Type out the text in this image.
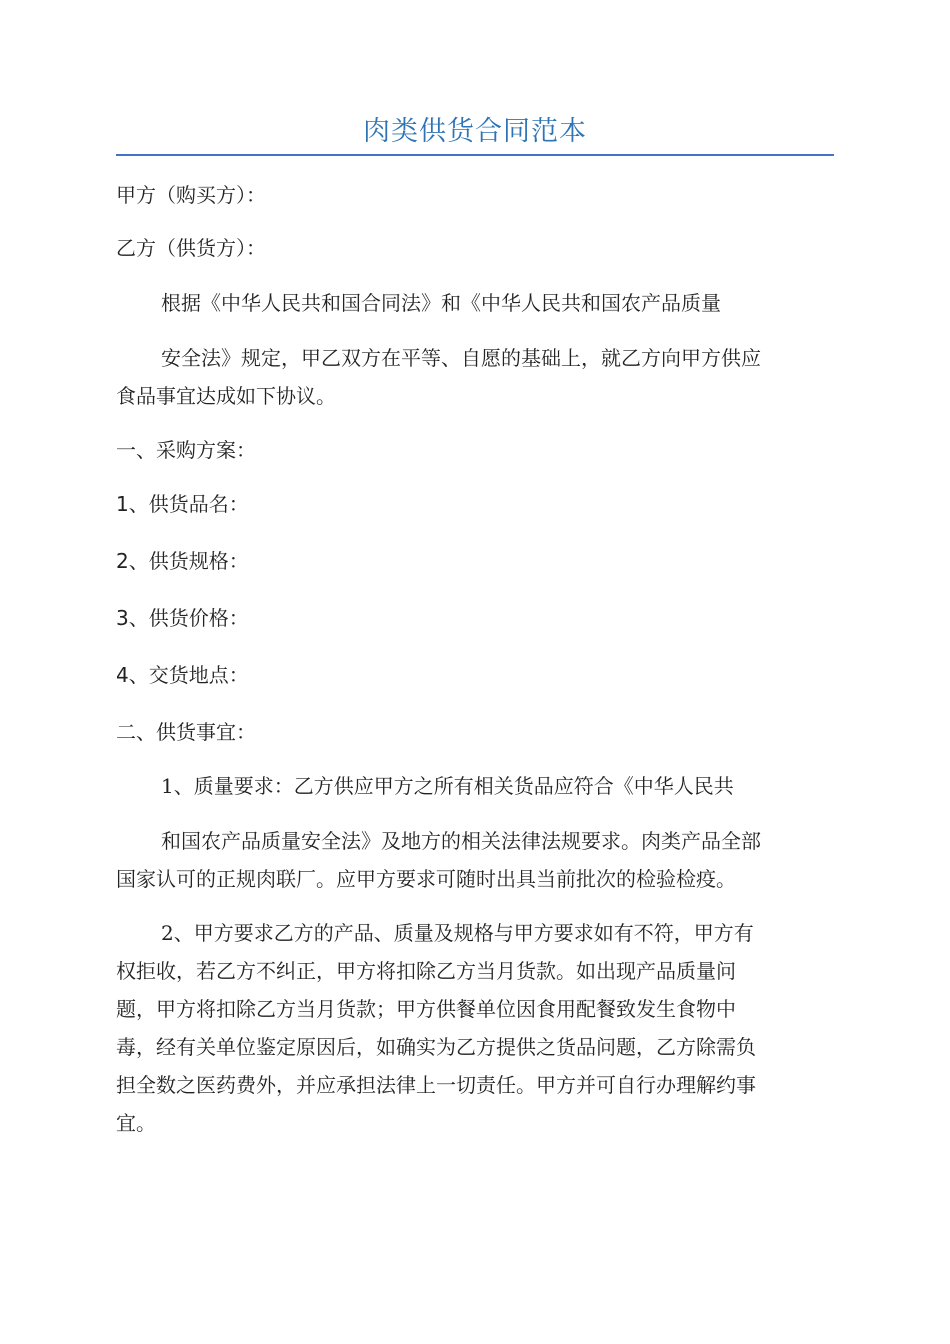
肉类供货合同范本
甲方（购买方）：
乙方（供货方）：
根据《中华人民共和国合同法》和《中华人民共和国农产品质量
安全法》规定，甲乙双方在平等、自愿的基础上，就乙方向甲方供应
食品事宜达成如下协议。
一、采购方案：
1、供货品名：
2、供货规格：
3、供货价格：
4、交货地点：
二、供货事宜：
1、质量要求：乙方供应甲方之所有相关货品应符合《中华人民共
和国农产品质量安全法》及地方的相关法律法规要求。肉类产品全部
国家认可的正规肉联厂。应甲方要求可随时出具当前批次的检验检疫。
2、甲方要求乙方的产品、质量及规格与甲方要求如有不符，甲方有
权拒收，若乙方不纠正，甲方将扣除乙方当月货款。如出现产品质量问
题，甲方将扣除乙方当月货款；甲方供餐单位因食用配餐致发生食物中
毒，经有关单位鉴定原因后，如确实为乙方提供之货品问题，乙方除需负
担全数之医药费外，并应承担法律上一切责任。甲方并可自行办理解约事
宜。
